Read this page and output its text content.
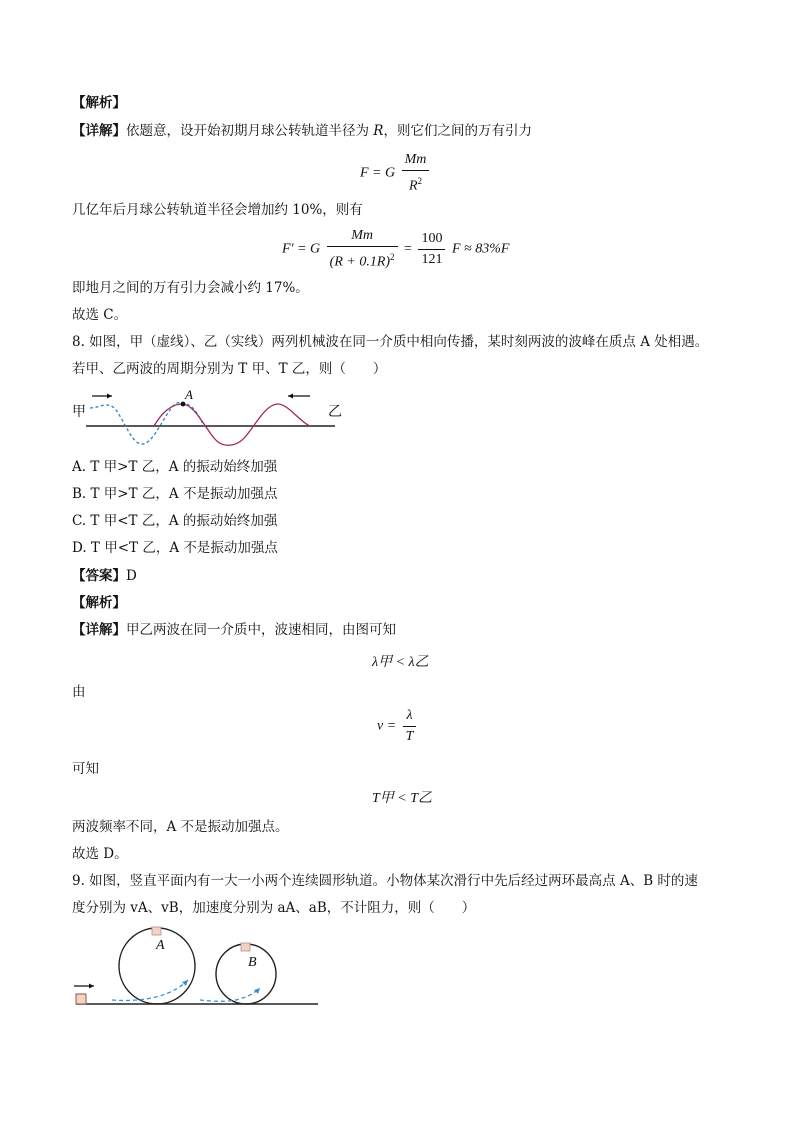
【解析】
【详解】依题意，设开始初期月球公转轨道半径为 R，则它们之间的万有引力
F = G $\frac{Mm}{R^2}$
几亿年后月球公转轨道半径会增加约 10%，则有
F′ = G $\frac{Mm}{(R + 0.1R)^2} = \frac{100}{121}$ F ≈ 83%F
即地月之间的万有引力会减小约 17%。
故选 C。
8. 如图，甲（虚线）、乙（实线）两列机械波在同一介质中相向传播，某时刻两波的波峰在质点 A 处相遇。
若甲、乙两波的周期分别为 T 甲、T 乙，则（　　）
甲	乙
A
A. T 甲>T 乙，A 的振动始终加强
B. T 甲>T 乙，A 不是振动加强点
C. T 甲<T 乙，A 的振动始终加强
D. T 甲<T 乙，A 不是振动加强点
【答案】D
【解析】
【详解】甲乙两波在同一介质中，波速相同，由图可知
λ甲 < λ乙
由
$v = \frac{\lambda}{T}$
可知
T甲 < T乙
两波频率不同，A 不是振动加强点。
故选 D。
9. 如图，竖直平面内有一大一小两个连续圆形轨道。小物体某次滑行中先后经过两环最高点 A、B 时的速
度分别为 vA、vB，加速度分别为 aA、aB，不计阻力，则（　　）
A
B
